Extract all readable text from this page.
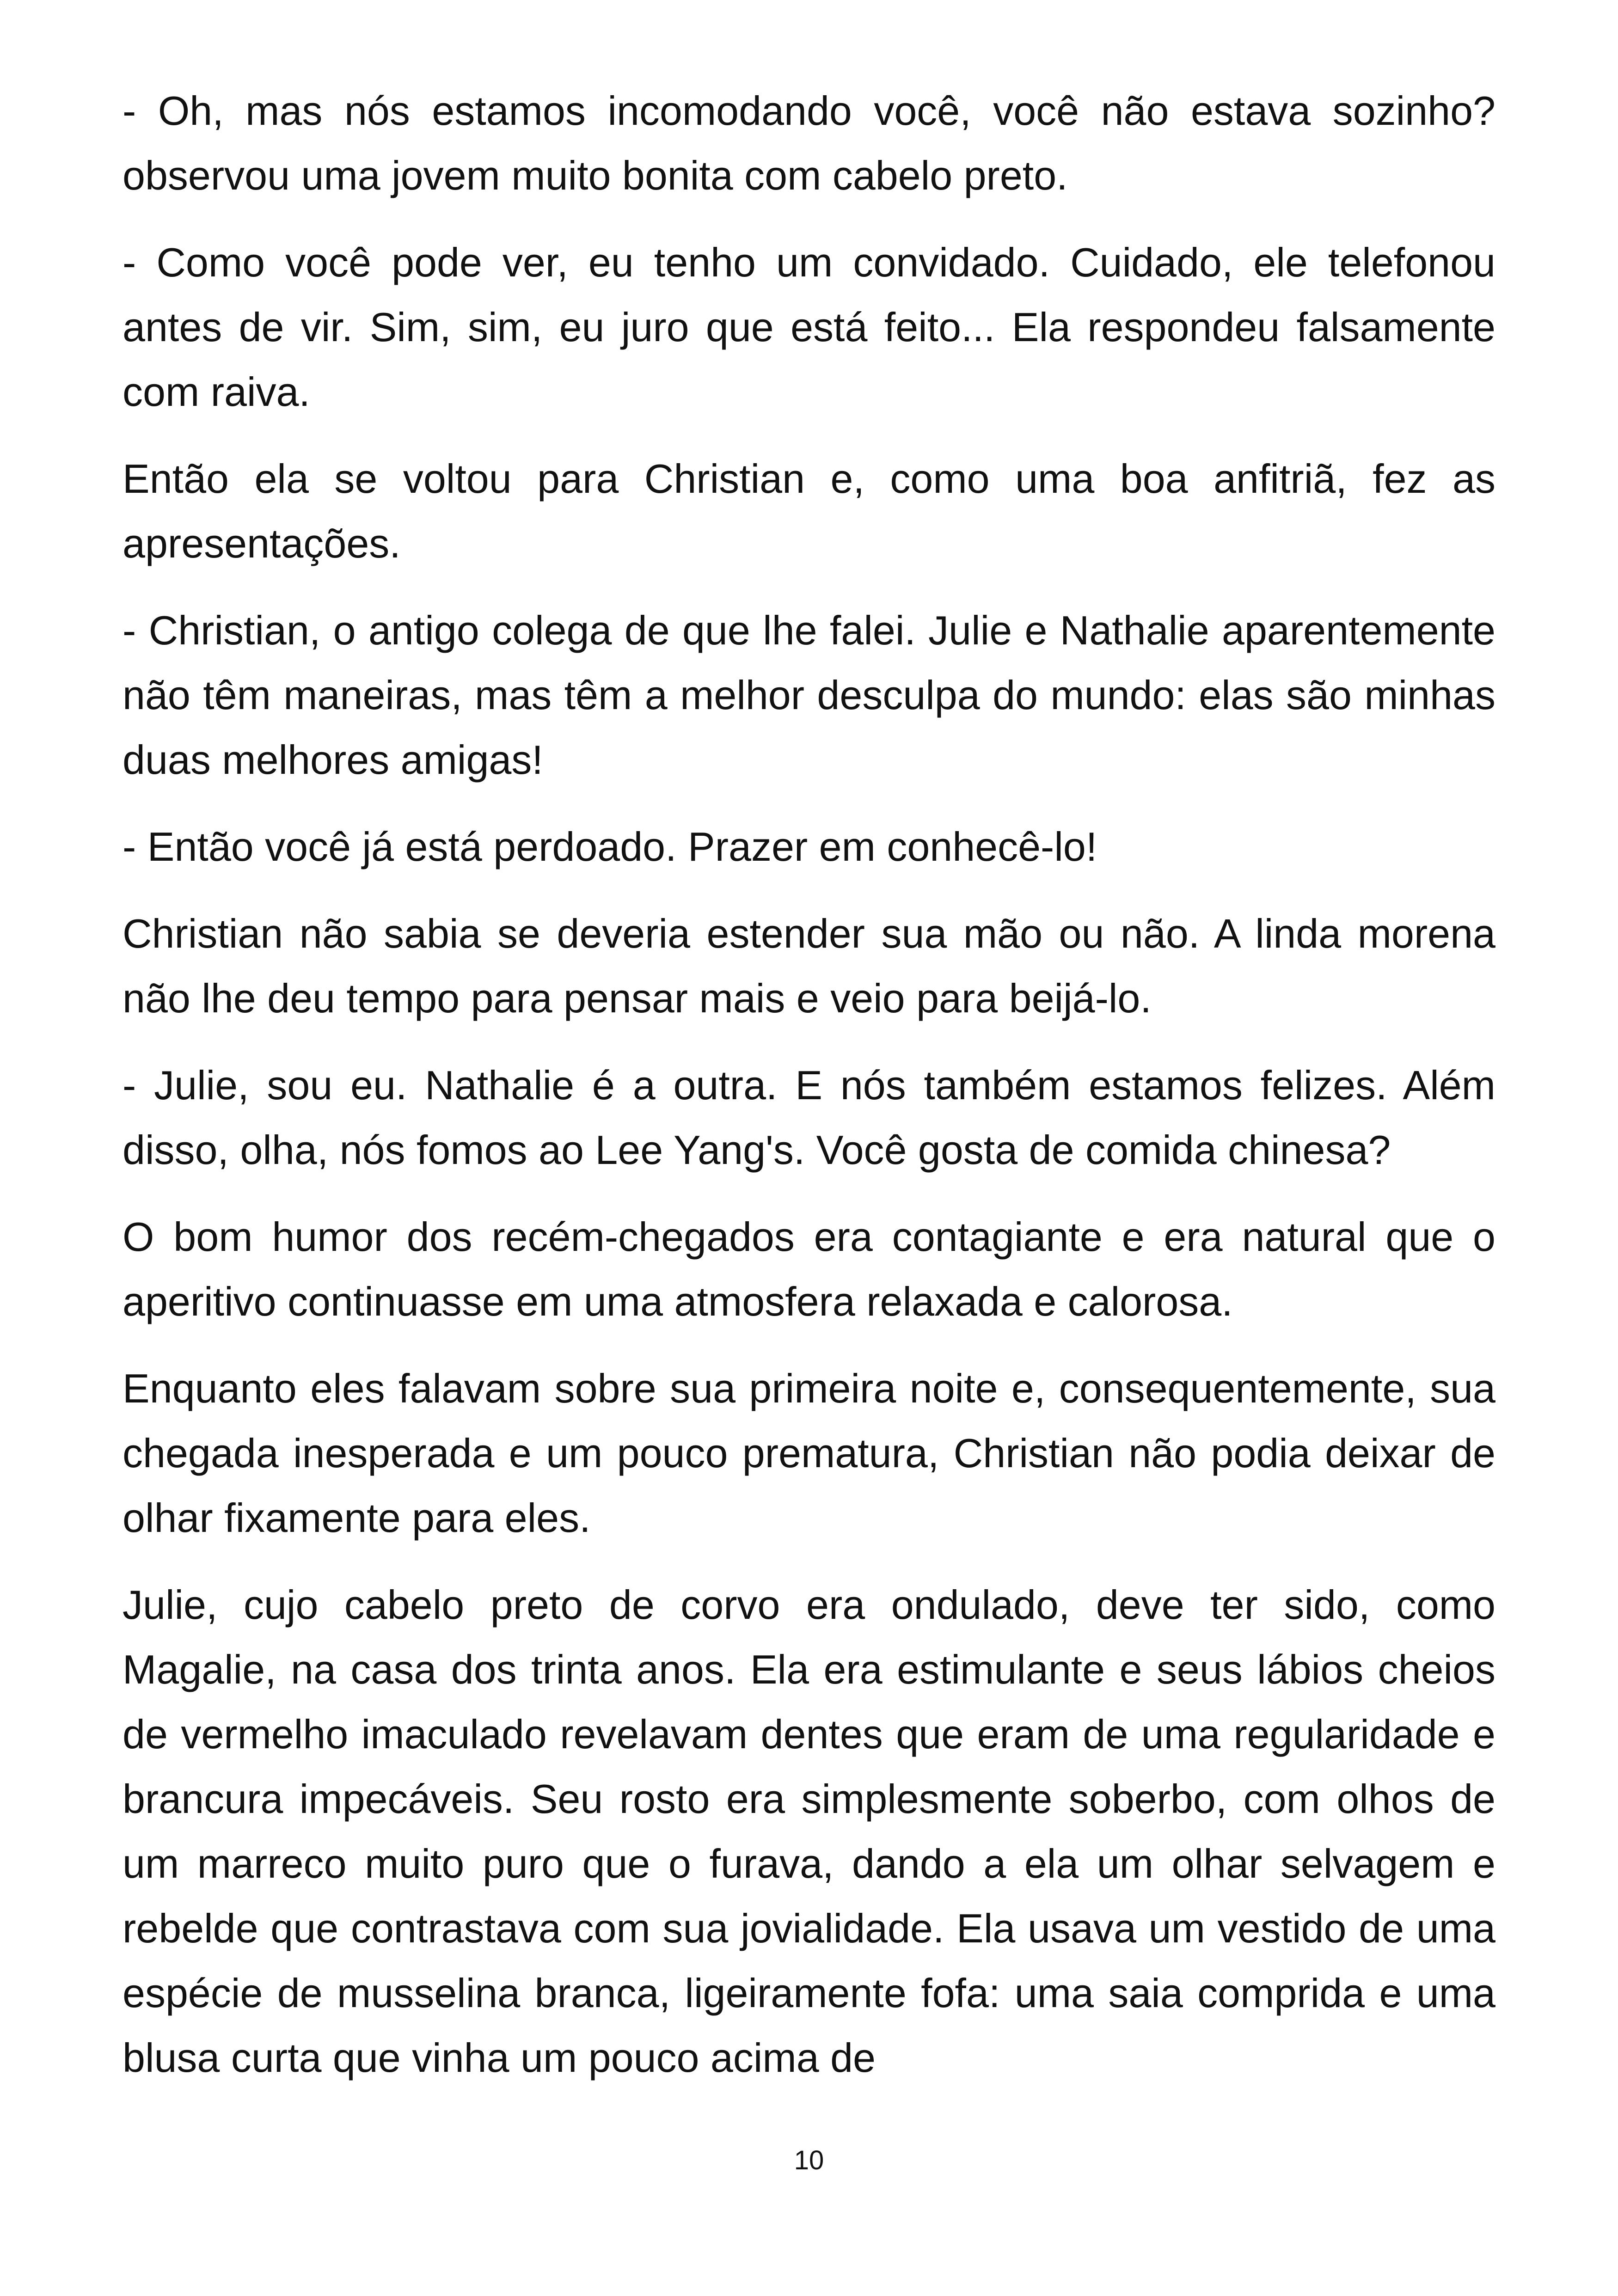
- Oh, mas nós estamos incomodando você, você não estava sozinho? observou uma jovem muito bonita com cabelo preto.

- Como você pode ver, eu tenho um convidado. Cuidado, ele telefonou antes de vir. Sim, sim, eu juro que está feito... Ela respondeu falsamente com raiva.

Então ela se voltou para Christian e, como uma boa anfitriã, fez as apresentações.

- Christian, o antigo colega de que lhe falei. Julie e Nathalie aparentemente não têm maneiras, mas têm a melhor desculpa do mundo: elas são minhas duas melhores amigas!

- Então você já está perdoado. Prazer em conhecê-lo!

Christian não sabia se deveria estender sua mão ou não. A linda morena não lhe deu tempo para pensar mais e veio para beijá-lo.

- Julie, sou eu. Nathalie é a outra. E nós também estamos felizes. Além disso, olha, nós fomos ao Lee Yang's. Você gosta de comida chinesa?

O bom humor dos recém-chegados era contagiante e era natural que o aperitivo continuasse em uma atmosfera relaxada e calorosa.

Enquanto eles falavam sobre sua primeira noite e, consequentemente, sua chegada inesperada e um pouco prematura, Christian não podia deixar de olhar fixamente para eles.

Julie, cujo cabelo preto de corvo era ondulado, deve ter sido, como Magalie, na casa dos trinta anos. Ela era estimulante e seus lábios cheios de vermelho imaculado revelavam dentes que eram de uma regularidade e brancura impecáveis. Seu rosto era simplesmente soberbo, com olhos de um marreco muito puro que o furava, dando a ela um olhar selvagem e rebelde que contrastava com sua jovialidade. Ela usava um vestido de uma espécie de musselina branca, ligeiramente fofa: uma saia comprida e uma blusa curta que vinha um pouco acima de

10
